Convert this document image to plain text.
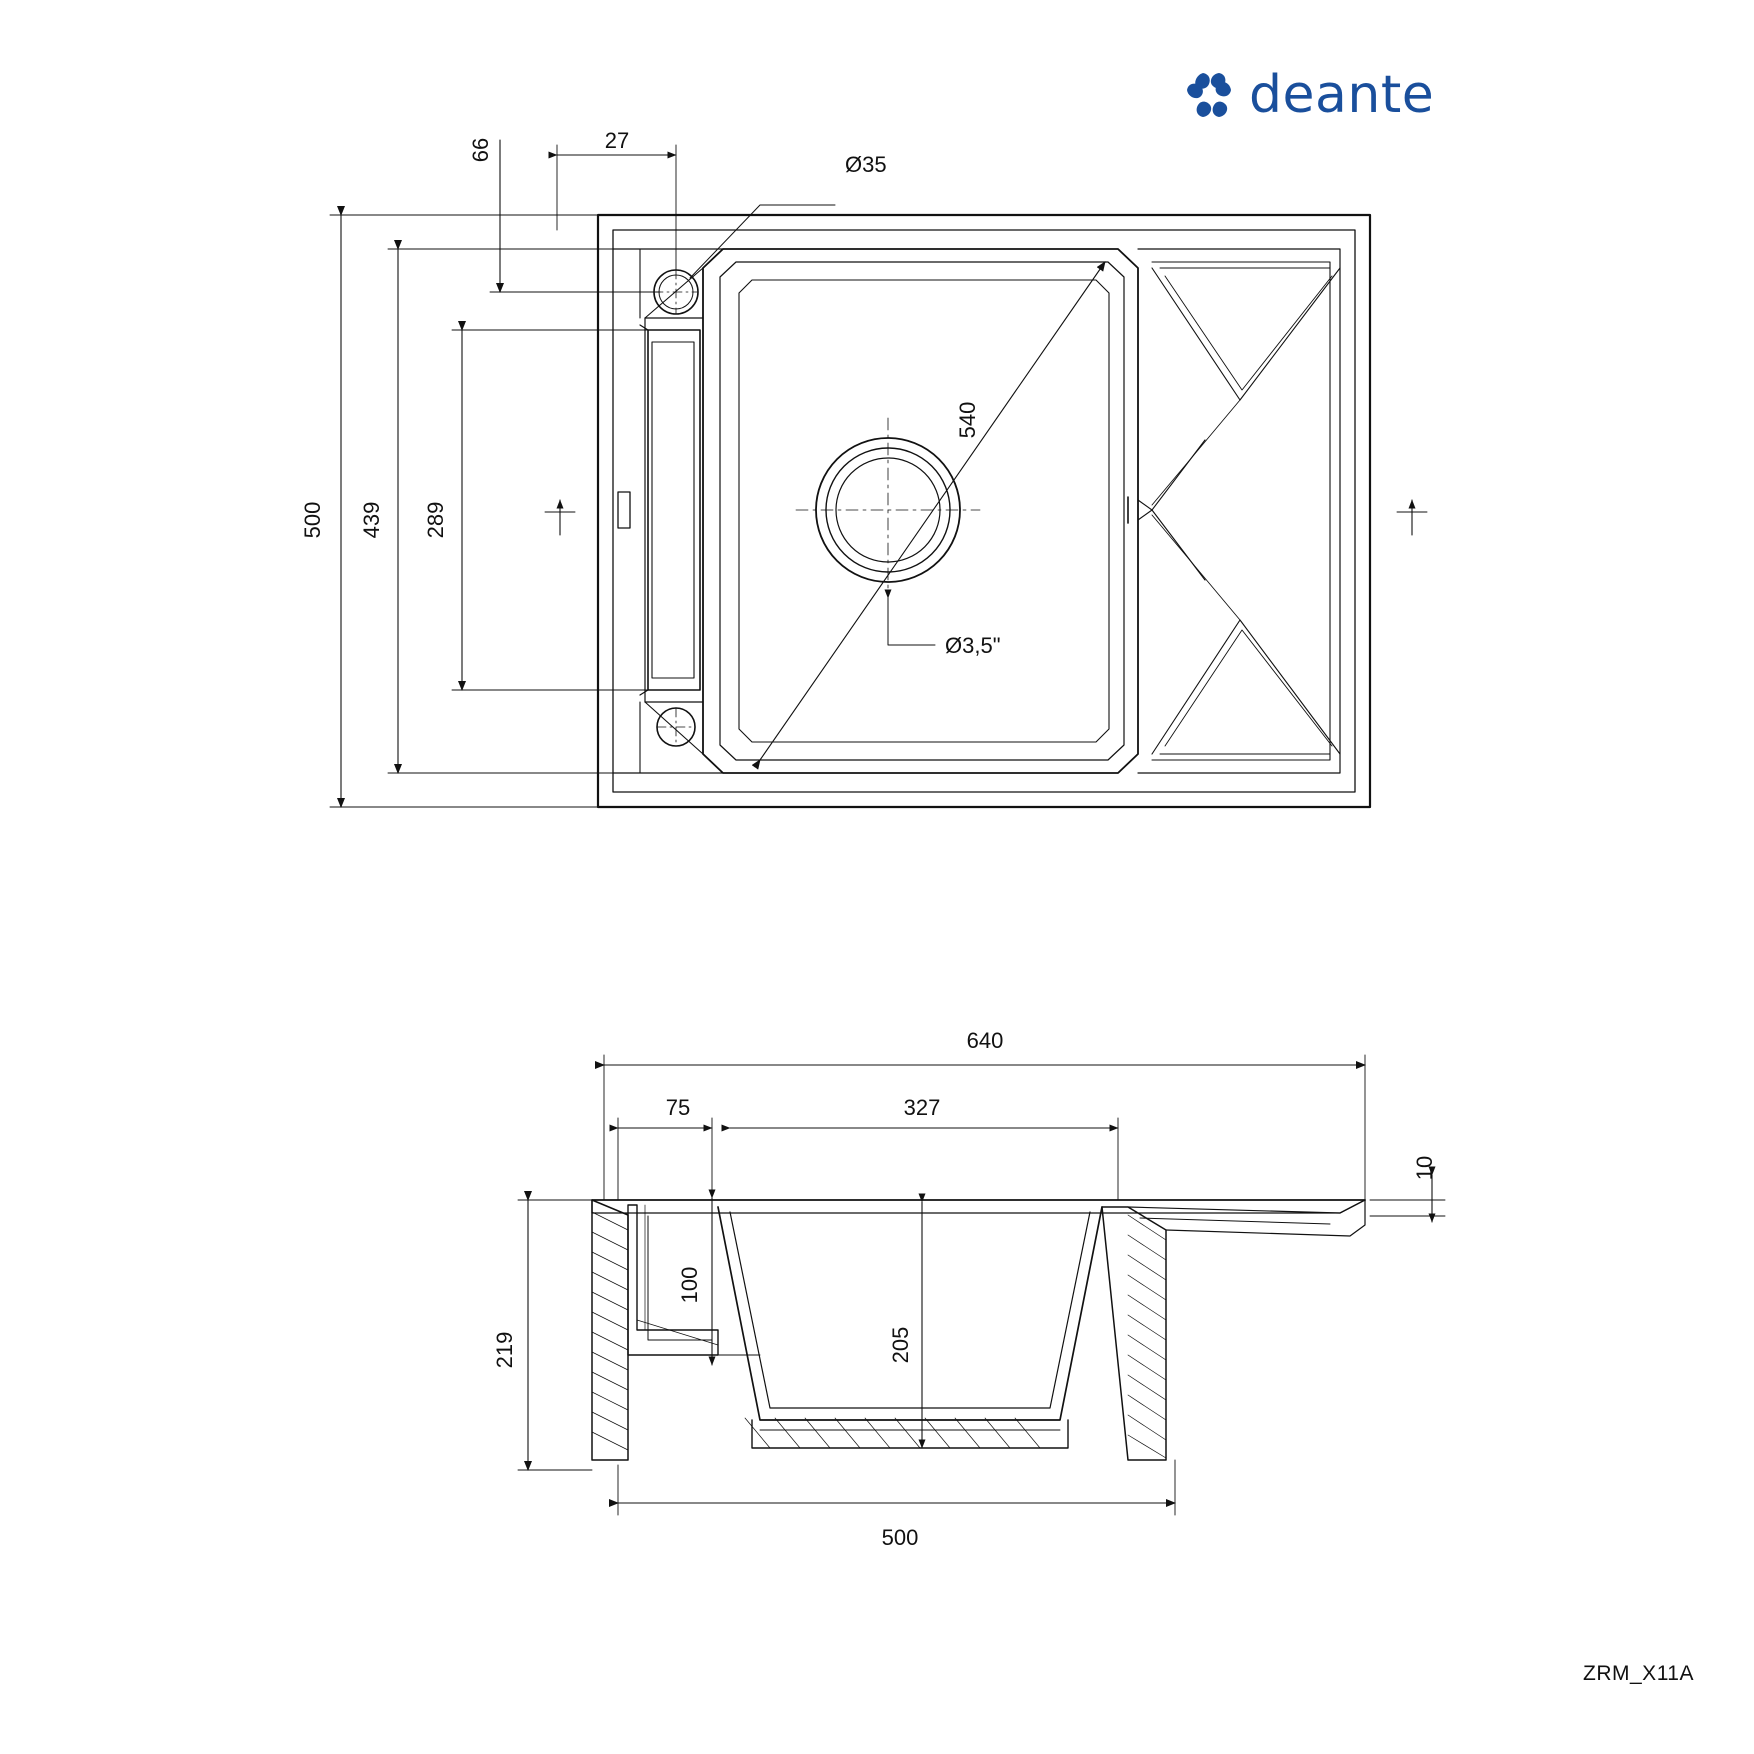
deante
500 439 289
66	27
Ø35
540
Ø3,5"
640
75	327
10
219
100
205
500
ZRM_X11A
